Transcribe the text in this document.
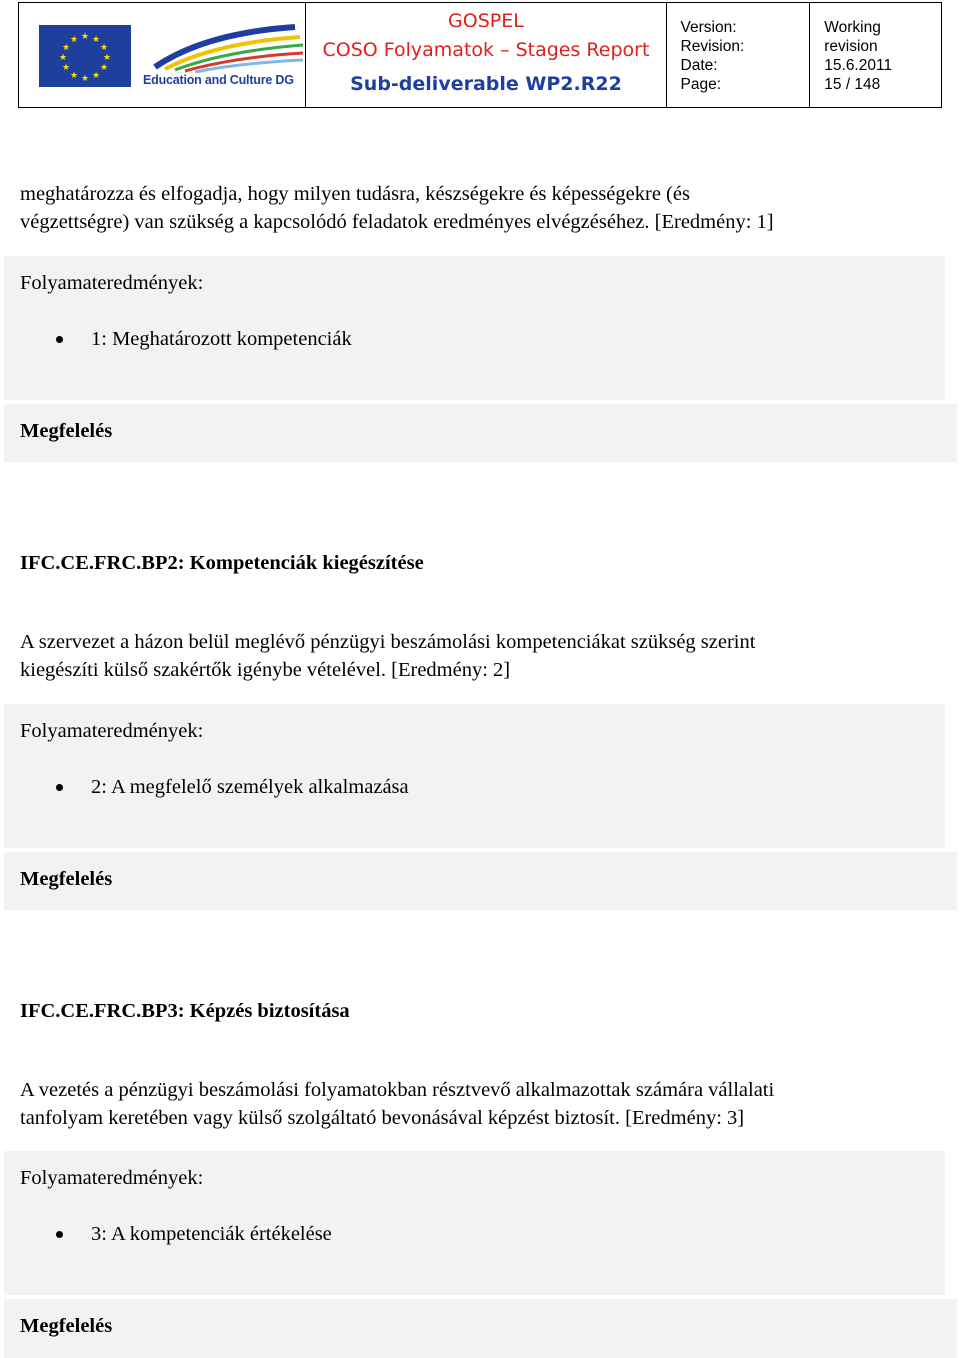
★ ★
★
★
★
★
★
★
★
★
★
★
Education and Culture DG
GOSPEL
COSO Folyamatok – Stages Report
Sub-deliverable WP2.R22
Version:
Revision:
Date:
Page:
Working
revision
15.6.2011
15 / 148
meghatározza és elfogadja, hogy milyen tudásra, készségekre és képességekre (és
végzettségre) van szükség a kapcsolódó feladatok eredményes elvégzéséhez. [Eredmény: 1]
Folyamateredmények:
1: Meghatározott kompetenciák
Megfelelés
IFC.CE.FRC.BP2: Kompetenciák kiegészítése
A szervezet a házon belül meglévő pénzügyi beszámolási kompetenciákat szükség szerint
kiegészíti külső szakértők igénybe vételével. [Eredmény: 2]
Folyamateredmények:
2: A megfelelő személyek alkalmazása
Megfelelés
IFC.CE.FRC.BP3: Képzés biztosítása
A vezetés a pénzügyi beszámolási folyamatokban résztvevő alkalmazottak számára vállalati
tanfolyam keretében vagy külső szolgáltató bevonásával képzést biztosít. [Eredmény: 3]
Folyamateredmények:
3: A kompetenciák értékelése
Megfelelés
